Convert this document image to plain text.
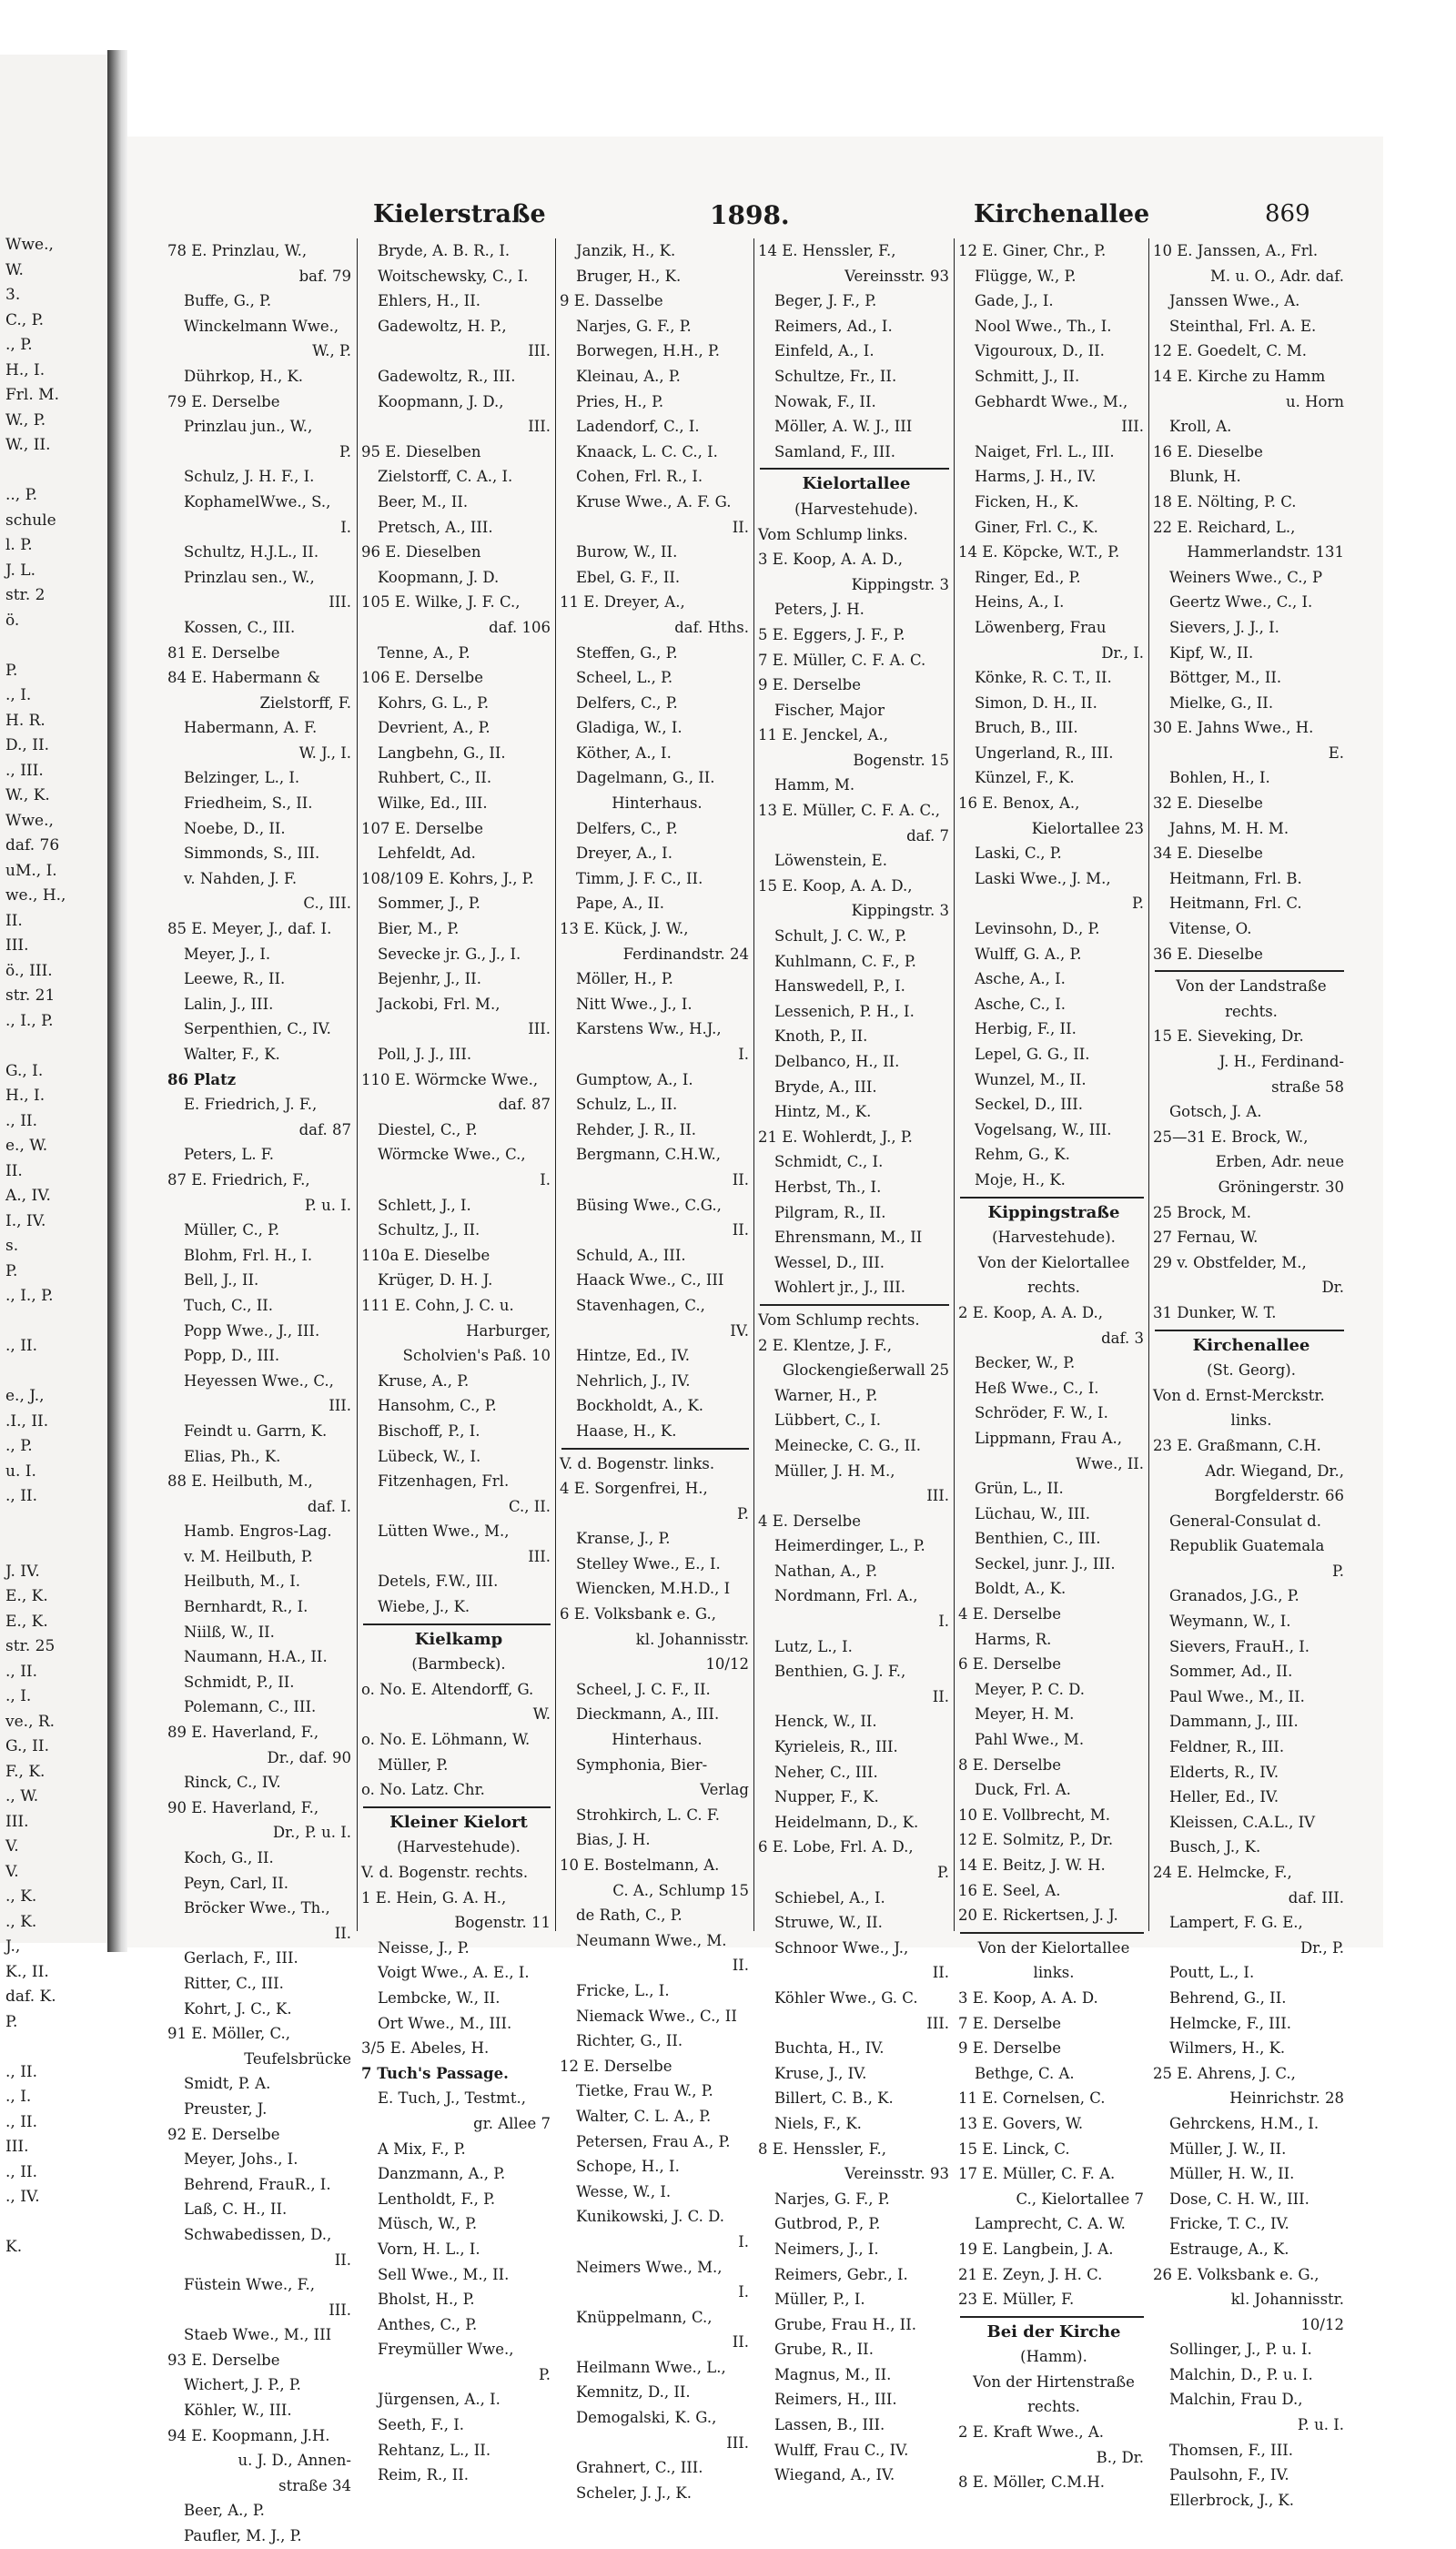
Wwe.,
W.
3.
C., P.
., P.
H., I.
Frl. M.
W., P.
W., II.

.., P.
schule
l. P.
J. L.
str. 2
ö.

P.
., I.
H. R.
D., II.
., III.
W., K.
Wwe.,
daf. 76
uM., I.
we., H.,
II.
III.
ö., III.
str. 21
., I., P.

G., I.
H., I.
., II.
e., W.
II.
A., IV.
I., IV.
s.
P.
., I., P.

., II.

e., J.,
.I., II.
., P.
u. I.
., II.

J. IV.
E., K.
E., K.
str. 25
., II.
., I.
ve., R.
G., II.
F., K.
., W.
III.
V.
V.
., K.
., K.
J.,
K., II.
daf. K.
P.

., II.
., I.
., II.
III.
., II.
., IV.

K.
Kielerstraße	1898.	Kirchenallee	869
78 E. Prinzlau, W.,
baf. 79
Buffe, G., P.
Winckelmann Wwe.,
W., P.
Dührkop, H., K.
79 E. Derselbe
Prinzlau jun., W.,
P.
Schulz, J. H. F., I.
KophamelWwe., S.,
I.
Schultz, H.J.L., II.
Prinzlau sen., W.,
III.
Kossen, C., III.
81 E. Derselbe
84 E. Habermann &
Zielstorff, F.
Habermann, A. F.
W. J., I.
Belzinger, L., I.
Friedheim, S., II.
Noebe, D., II.
Simmonds, S., III.
v. Nahden, J. F.
C., III.
85 E. Meyer, J., daf. I.
Meyer, J., I.
Leewe, R., II.
Lalin, J., III.
Serpenthien, C., IV.
Walter, F., K.
86 Platz
E. Friedrich, J. F.,
daf. 87
Peters, L. F.
87 E. Friedrich, F.,
P. u. I.
Müller, C., P.
Blohm, Frl. H., I.
Bell, J., II.
Tuch, C., II.
Popp Wwe., J., III.
Popp, D., III.
Heyessen Wwe., C.,
III.
Feindt u. Garrn, K.
Elias, Ph., K.
88 E. Heilbuth, M.,
daf. I.
Hamb. Engros-Lag.
v. M. Heilbuth, P.
Heilbuth, M., I.
Bernhardt, R., I.
Niilß, W., II.
Naumann, H.A., II.
Schmidt, P., II.
Polemann, C., III.
89 E. Haverland, F.,
Dr., daf. 90
Rinck, C., IV.
90 E. Haverland, F.,
Dr., P. u. I.
Koch, G., II.
Peyn, Carl, II.
Bröcker Wwe., Th.,
II.
Gerlach, F., III.
Ritter, C., III.
Kohrt, J. C., K.
91 E. Möller, C.,
Teufelsbrücke
Smidt, P. A.
Preuster, J.
92 E. Derselbe
Meyer, Johs., I.
Behrend, FrauR., I.
Laß, C. H., II.
Schwabedissen, D.,
II.
Füstein Wwe., F.,
III.
Staeb Wwe., M., III
93 E. Derselbe
Wichert, J. P., P.
Köhler, W., III.
94 E. Koopmann, J.H.
u. J. D., Annen-
straße 34
Beer, A., P.
Paufler, M. J., P.
Bryde, A. B. R., I.
Woitschewsky, C., I.
Ehlers, H., II.
Gadewoltz, H. P.,
III.
Gadewoltz, R., III.
Koopmann, J. D.,
III.
95 E. Dieselben
Zielstorff, C. A., I.
Beer, M., II.
Pretsch, A., III.
96 E. Dieselben
Koopmann, J. D.
105 E. Wilke, J. F. C.,
daf. 106
Tenne, A., P.
106 E. Derselbe
Kohrs, G. L., P.
Devrient, A., P.
Langbehn, G., II.
Ruhbert, C., II.
Wilke, Ed., III.
107 E. Derselbe
Lehfeldt, Ad.
108/109 E. Kohrs, J., P.
Sommer, J., P.
Bier, M., P.
Sevecke jr. G., J., I.
Bejenhr, J., II.
Jackobi, Frl. M.,
III.
Poll, J. J., III.
110 E. Wörmcke Wwe.,
daf. 87
Diestel, C., P.
Wörmcke Wwe., C.,
I.
Schlett, J., I.
Schultz, J., II.
110a E. Dieselbe
Krüger, D. H. J.
111 E. Cohn, J. C. u.
Harburger,
Scholvien's Paß. 10
Kruse, A., P.
Hansohm, C., P.
Bischoff, P., I.
Lübeck, W., I.
Fitzenhagen, Frl.
C., II.
Lütten Wwe., M.,
III.
Detels, F.W., III.
Wiebe, J., K.
Kielkamp
(Barmbeck).
o. No. E. Altendorff, G.
W.
o. No. E. Löhmann, W.
Müller, P.
o. No. Latz. Chr.
Kleiner Kielort
(Harvestehude).
V. d. Bogenstr. rechts.
1 E. Hein, G. A. H.,
Bogenstr. 11
Neisse, J., P.
Voigt Wwe., A. E., I.
Lembcke, W., II.
Ort Wwe., M., III.
3/5 E. Abeles, H.
7 Tuch's Passage.
E. Tuch, J., Testmt.,
gr. Allee 7
A Mix, F., P.
Danzmann, A., P.
Lentholdt, F., P.
Müsch, W., P.
Vorn, H. L., I.
Sell Wwe., M., II.
Bholst, H., P.
Anthes, C., P.
Freymüller Wwe.,
P.
Jürgensen, A., I.
Seeth, F., I.
Rehtanz, L., II.
Reim, R., II.
Janzik, H., K.
Bruger, H., K.
9 E. Dasselbe
Narjes, G. F., P.
Borwegen, H.H., P.
Kleinau, A., P.
Pries, H., P.
Ladendorf, C., I.
Knaack, L. C. C., I.
Cohen, Frl. R., I.
Kruse Wwe., A. F. G.
II.
Burow, W., II.
Ebel, G. F., II.
11 E. Dreyer, A.,
daf. Hths.
Steffen, G., P.
Scheel, L., P.
Delfers, C., P.
Gladiga, W., I.
Köther, A., I.
Dagelmann, G., II.
Hinterhaus.
Delfers, C., P.
Dreyer, A., I.
Timm, J. F. C., II.
Pape, A., II.
13 E. Kück, J. W.,
Ferdinandstr. 24
Möller, H., P.
Nitt Wwe., J., I.
Karstens Ww., H.J.,
I.
Gumptow, A., I.
Schulz, L., II.
Rehder, J. R., II.
Bergmann, C.H.W.,
II.
Büsing Wwe., C.G.,
II.
Schuld, A., III.
Haack Wwe., C., III
Stavenhagen, C.,
IV.
Hintze, Ed., IV.
Nehrlich, J., IV.
Bockholdt, A., K.
Haase, H., K.
V. d. Bogenstr. links.
4 E. Sorgenfrei, H.,
P.
Kranse, J., P.
Stelley Wwe., E., I.
Wiencken, M.H.D., I
6 E. Volksbank e. G.,
kl. Johannisstr.
10/12
Scheel, J. C. F., II.
Dieckmann, A., III.
Hinterhaus.
Symphonia, Bier-
Verlag
Strohkirch, L. C. F.
Bias, J. H.
10 E. Bostelmann, A.
C. A., Schlump 15
de Rath, C., P.
Neumann Wwe., M.
II.
Fricke, L., I.
Niemack Wwe., C., II
Richter, G., II.
12 E. Derselbe
Tietke, Frau W., P.
Walter, C. L. A., P.
Petersen, Frau A., P.
Schope, H., I.
Wesse, W., I.
Kunikowski, J. C. D.
I.
Neimers Wwe., M.,
I.
Knüppelmann, C.,
II.
Heilmann Wwe., L.,
Kemnitz, D., II.
Demogalski, K. G.,
III.
Grahnert, C., III.
Scheler, J. J., K.
14 E. Henssler, F.,
Vereinsstr. 93
Beger, J. F., P.
Reimers, Ad., I.
Einfeld, A., I.
Schultze, Fr., II.
Nowak, F., II.
Möller, A. W. J., III
Samland, F., III.
Kielortallee
(Harvestehude).
Vom Schlump links.
3 E. Koop, A. A. D.,
Kippingstr. 3
Peters, J. H.
5 E. Eggers, J. F., P.
7 E. Müller, C. F. A. C.
9 E. Derselbe
Fischer, Major
11 E. Jenckel, A.,
Bogenstr. 15
Hamm, M.
13 E. Müller, C. F. A. C.,
daf. 7
Löwenstein, E.
15 E. Koop, A. A. D.,
Kippingstr. 3
Schult, J. C. W., P.
Kuhlmann, C. F., P.
Hanswedell, P., I.
Lessenich, P. H., I.
Knoth, P., II.
Delbanco, H., II.
Bryde, A., III.
Hintz, M., K.
21 E. Wohlerdt, J., P.
Schmidt, C., I.
Herbst, Th., I.
Pilgram, R., II.
Ehrensmann, M., II
Wessel, D., III.
Wohlert jr., J., III.
Vom Schlump rechts.
2 E. Klentze, J. F.,
Glockengießerwall 25
Warner, H., P.
Lübbert, C., I.
Meinecke, C. G., II.
Müller, J. H. M.,
III.
4 E. Derselbe
Heimerdinger, L., P.
Nathan, A., P.
Nordmann, Frl. A.,
I.
Lutz, L., I.
Benthien, G. J. F.,
II.
Henck, W., II.
Kyrieleis, R., III.
Neher, C., III.
Nupper, F., K.
Heidelmann, D., K.
6 E. Lobe, Frl. A. D.,
P.
Schiebel, A., I.
Struwe, W., II.
Schnoor Wwe., J.,
II.
Köhler Wwe., G. C.
III.
Buchta, H., IV.
Kruse, J., IV.
Billert, C. B., K.
Niels, F., K.
8 E. Henssler, F.,
Vereinsstr. 93
Narjes, G. F., P.
Gutbrod, P., P.
Neimers, J., I.
Reimers, Gebr., I.
Müller, P., I.
Grube, Frau H., II.
Grube, R., II.
Magnus, M., II.
Reimers, H., III.
Lassen, B., III.
Wulff, Frau C., IV.
Wiegand, A., IV.
12 E. Giner, Chr., P.
Flügge, W., P.
Gade, J., I.
Nool Wwe., Th., I.
Vigouroux, D., II.
Schmitt, J., II.
Gebhardt Wwe., M.,
III.
Naiget, Frl. L., III.
Harms, J. H., IV.
Ficken, H., K.
Giner, Frl. C., K.
14 E. Köpcke, W.T., P.
Ringer, Ed., P.
Heins, A., I.
Löwenberg, Frau
Dr., I.
Könke, R. C. T., II.
Simon, D. H., II.
Bruch, B., III.
Ungerland, R., III.
Künzel, F., K.
16 E. Benox, A.,
Kielortallee 23
Laski, C., P.
Laski Wwe., J. M.,
P.
Levinsohn, D., P.
Wulff, G. A., P.
Asche, A., I.
Asche, C., I.
Herbig, F., II.
Lepel, G. G., II.
Wunzel, M., II.
Seckel, D., III.
Vogelsang, W., III.
Rehm, G., K.
Moje, H., K.
Kippingstraße
(Harvestehude).
Von der Kielortallee
rechts.
2 E. Koop, A. A. D.,
daf. 3
Becker, W., P.
Heß Wwe., C., I.
Schröder, F. W., I.
Lippmann, Frau A.,
Wwe., II.
Grün, L., II.
Lüchau, W., III.
Benthien, C., III.
Seckel, junr. J., III.
Boldt, A., K.
4 E. Derselbe
Harms, R.
6 E. Derselbe
Meyer, P. C. D.
Meyer, H. M.
Pahl Wwe., M.
8 E. Derselbe
Duck, Frl. A.
10 E. Vollbrecht, M.
12 E. Solmitz, P., Dr.
14 E. Beitz, J. W. H.
16 E. Seel, A.
20 E. Rickertsen, J. J.
Von der Kielortallee
links.
3 E. Koop, A. A. D.
7 E. Derselbe
9 E. Derselbe
Bethge, C. A.
11 E. Cornelsen, C.
13 E. Govers, W.
15 E. Linck, C.
17 E. Müller, C. F. A.
C., Kielortallee 7
Lamprecht, C. A. W.
19 E. Langbein, J. A.
21 E. Zeyn, J. H. C.
23 E. Müller, F.
Bei der Kirche
(Hamm).
Von der Hirtenstraße
rechts.
2 E. Kraft Wwe., A.
B., Dr.
8 E. Möller, C.M.H.
10 E. Janssen, A., Frl.
M. u. O., Adr. daf.
Janssen Wwe., A.
Steinthal, Frl. A. E.
12 E. Goedelt, C. M.
14 E. Kirche zu Hamm
u. Horn
Kroll, A.
16 E. Dieselbe
Blunk, H.
18 E. Nölting, P. C.
22 E. Reichard, L.,
Hammerlandstr. 131
Weiners Wwe., C., P
Geertz Wwe., C., I.
Sievers, J. J., I.
Kipf, W., II.
Böttger, M., II.
Mielke, G., II.
30 E. Jahns Wwe., H.
E.
Bohlen, H., I.
32 E. Dieselbe
Jahns, M. H. M.
34 E. Dieselbe
Heitmann, Frl. B.
Heitmann, Frl. C.
Vitense, O.
36 E. Dieselbe
Von der Landstraße
rechts.
15 E. Sieveking, Dr.
J. H., Ferdinand-
straße 58
Gotsch, J. A.
25—31 E. Brock, W.,
Erben, Adr. neue
Gröningerstr. 30
25 Brock, M.
27 Fernau, W.
29 v. Obstfelder, M.,
Dr.
31 Dunker, W. T.
Kirchenallee
(St. Georg).
Von d. Ernst-Merckstr.
links.
23 E. Graßmann, C.H.
Adr. Wiegand, Dr.,
Borgfelderstr. 66
General-Consulat d.
Republik Guatemala
P.
Granados, J.G., P.
Weymann, W., I.
Sievers, FrauH., I.
Sommer, Ad., II.
Paul Wwe., M., II.
Dammann, J., III.
Feldner, R., III.
Elderts, R., IV.
Heller, Ed., IV.
Kleissen, C.A.L., IV
Busch, J., K.
24 E. Helmcke, F.,
daf. III.
Lampert, F. G. E.,
Dr., P.
Poutt, L., I.
Behrend, G., II.
Helmcke, F., III.
Wilmers, H., K.
25 E. Ahrens, J. C.,
Heinrichstr. 28
Gehrckens, H.M., I.
Müller, J. W., II.
Müller, H. W., II.
Dose, C. H. W., III.
Fricke, T. C., IV.
Estrauge, A., K.
26 E. Volksbank e. G.,
kl. Johannisstr.
10/12
Sollinger, J., P. u. I.
Malchin, D., P. u. I.
Malchin, Frau D.,
P. u. I.
Thomsen, F., III.
Paulsohn, F., IV.
Ellerbrock, J., K.
